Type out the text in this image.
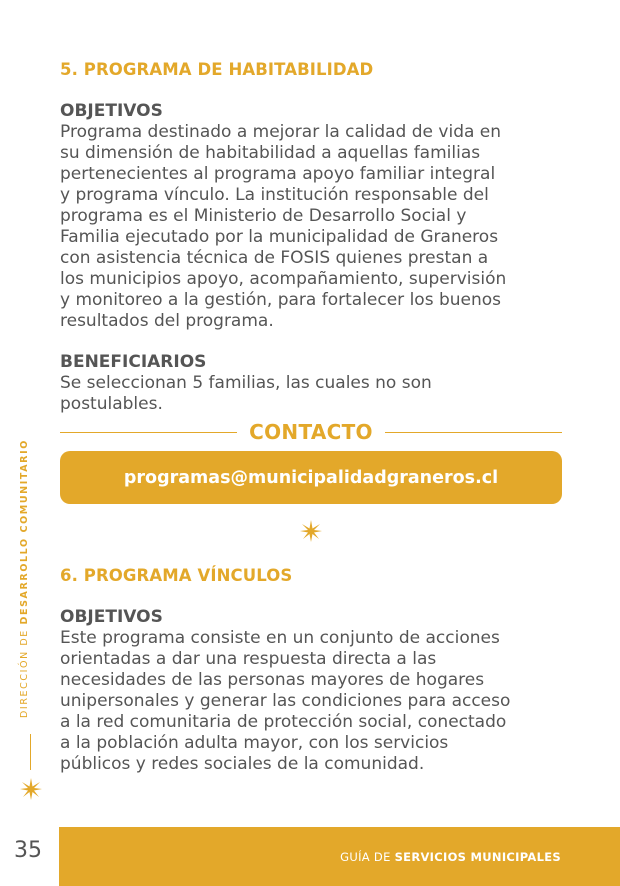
5. PROGRAMA DE HABITABILIDAD

OBJETIVOS

Programa destinado a mejorar la calidad de vida en
su dimensión de habitabilidad a aquellas familias
pertenecientes al programa apoyo familiar integral
y programa vínculo. La institución responsable del
programa es el Ministerio de Desarrollo Social y
Familia ejecutado por la municipalidad de Graneros
con asistencia técnica de FOSIS quienes prestan a
los municipios apoyo, acompañamiento, supervisión
y monitoreo a la gestión, para fortalecer los buenos
resultados del programa.

BENEFICIARIOS

Se seleccionan 5 familias, las cuales no son
postulables.
CONTACTO
programas@municipalidadgraneros.cl
6. PROGRAMA VÍNCULOS

OBJETIVOS

Este programa consiste en un conjunto de acciones
orientadas a dar una respuesta directa a las
necesidades de las personas mayores de hogares
unipersonales y generar las condiciones para acceso
a la red comunitaria de protección social, conectado
a la población adulta mayor, con los servicios
públicos y redes sociales de la comunidad.
DIRECCIÓN DE DESARROLLO COMUNITARIO
35	GUÍA DE SERVICIOS MUNICIPALES
